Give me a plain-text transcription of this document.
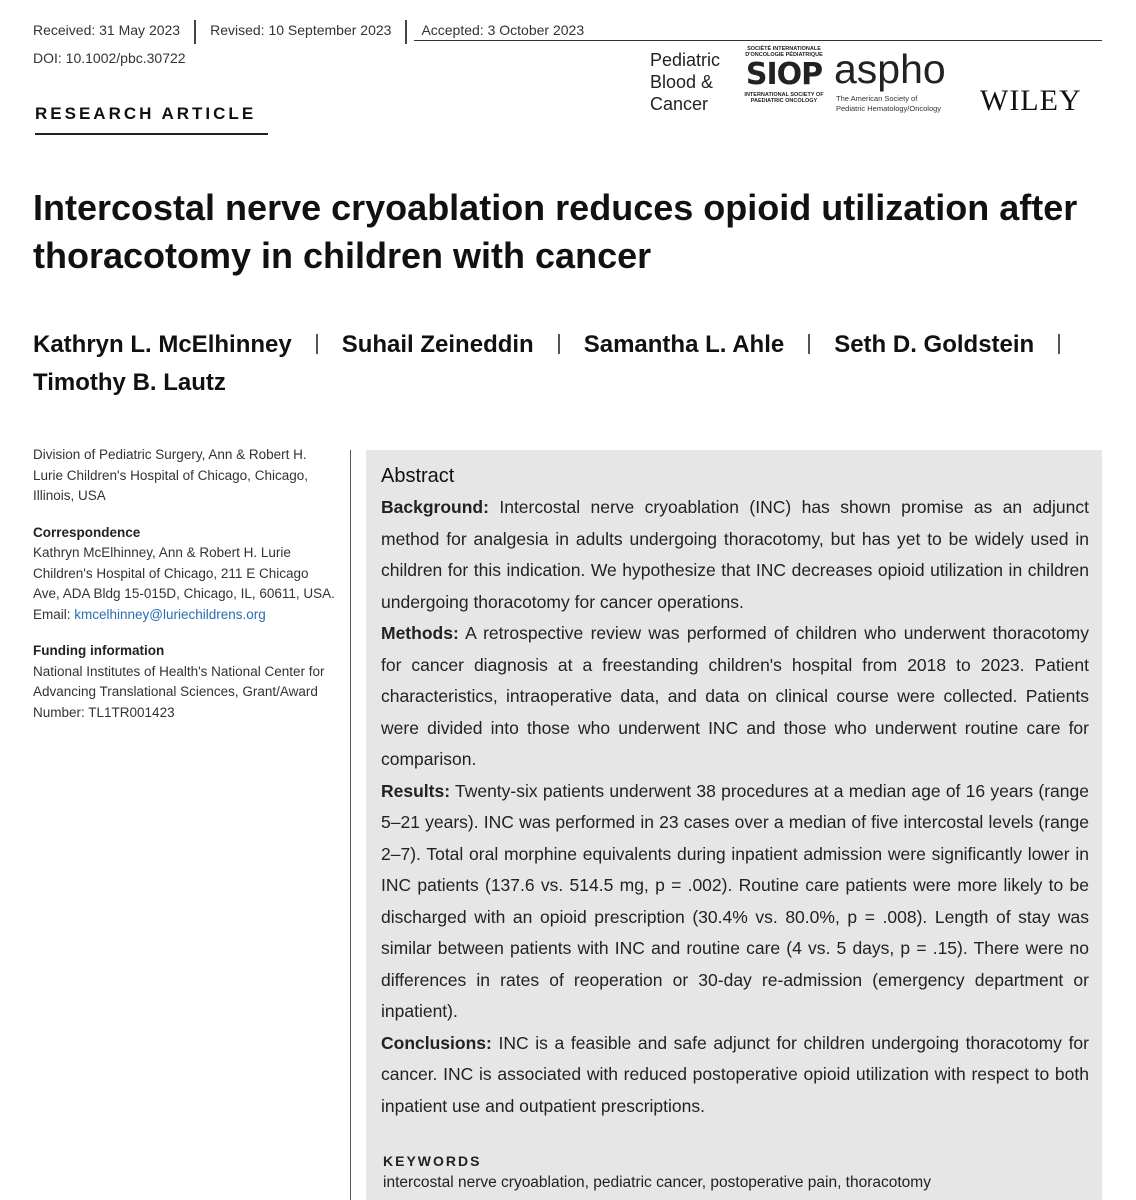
Received: 31 May 2023 Revised: 10 September 2023 Accepted: 3 October 2023
DOI: 10.1002/pbc.30722
RESEARCH ARTICLE
Pediatric
Blood &
Cancer
SOCIÉTÉ INTERNATIONALE D'ONCOLOGIE PÉDIATRIQUE
SIOP
INTERNATIONAL SOCIETY OF PAEDIATRIC ONCOLOGY
aspho
The American Society of
Pediatric Hematology/Oncology WILEY
Intercostal nerve cryoablation reduces opioid utilization after thoracotomy in children with cancer
Kathryn L. McElhinney Suhail Zeineddin Samantha L. Ahle Seth D. Goldstein
Timothy B. Lautz

Division of Pediatric Surgery, Ann & Robert H. Lurie Children's Hospital of Chicago, Chicago, Illinois, USA

Correspondence
Kathryn McElhinney, Ann & Robert H. Lurie Children's Hospital of Chicago, 211 E Chicago Ave, ADA Bldg 15-015D, Chicago, IL, 60611, USA.
Email: kmcelhinney@luriechildrens.org

Funding information
National Institutes of Health's National Center for Advancing Translational Sciences, Grant/Award Number: TL1TR001423

Abstract

Background: Intercostal nerve cryoablation (INC) has shown promise as an adjunct method for analgesia in adults undergoing thoracotomy, but has yet to be widely used in children for this indication. We hypothesize that INC decreases opioid utilization in children undergoing thoracotomy for cancer operations.

Methods: A retrospective review was performed of children who underwent thoracotomy for cancer diagnosis at a freestanding children's hospital from 2018 to 2023. Patient characteristics, intraoperative data, and data on clinical course were collected. Patients were divided into those who underwent INC and those who underwent routine care for comparison.

Results: Twenty-six patients underwent 38 procedures at a median age of 16 years (range 5–21 years). INC was performed in 23 cases over a median of five intercostal levels (range 2–7). Total oral morphine equivalents during inpatient admission were significantly lower in INC patients (137.6 vs. 514.5 mg, p = .002). Routine care patients were more likely to be discharged with an opioid prescription (30.4% vs. 80.0%, p = .008). Length of stay was similar between patients with INC and routine care (4 vs. 5 days, p = .15). There were no differences in rates of reoperation or 30-day re-admission (emergency department or inpatient).

Conclusions: INC is a feasible and safe adjunct for children undergoing thoracotomy for cancer. INC is associated with reduced postoperative opioid utilization with respect to both inpatient use and outpatient prescriptions.

KEYWORDS
intercostal nerve cryoablation, pediatric cancer, postoperative pain, thoracotomy
